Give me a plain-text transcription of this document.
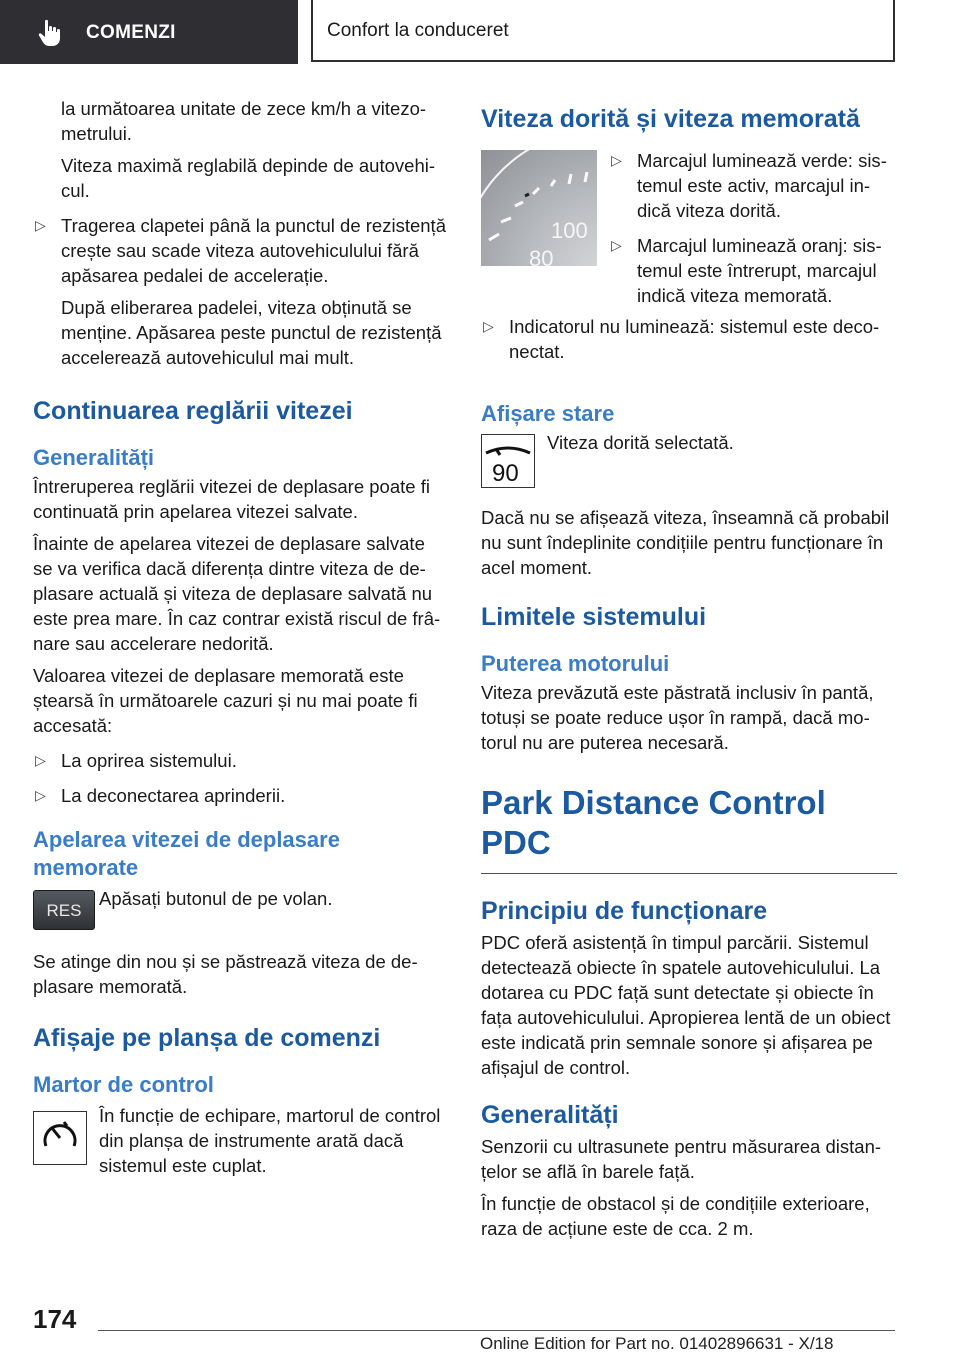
COMENZI	Confort la conduceret

la următoarea unitate de zece km/h a vitezometrului.

Viteza maximă reglabilă depinde de autovehicul.

▷ Tragerea clapetei până la punctul de rezistență crește sau scade viteza autovehiculului fără apăsarea pedalei de accelerație.

După eliberarea padelei, viteza obținută se menține. Apăsarea peste punctul de rezistență accelerează autovehiculul mai mult.

Continuarea reglării vitezei
Generalități

Întreruperea reglării vitezei de deplasare poate fi continuată prin apelarea vitezei salvate.

Înainte de apelarea vitezei de deplasare salvate se va verifica dacă diferența dintre viteza de deplasare actuală și viteza de deplasare salvată nu este prea mare. În caz contrar există riscul de frânare sau accelerare nedorită.

Valoarea vitezei de deplasare memorată este ștearsă în următoarele cazuri și nu mai poate fi accesată:

▷ La oprirea sistemului.

▷ La deconectarea aprinderii.

Apelarea vitezei de deplasare memorate
RES

Apăsați butonul de pe volan.

Se atinge din nou și se păstrează viteza de deplasare memorată.

Afișaje pe planșa de comenzi
Martor de control

În funcție de echipare, martorul de control din planșa de instrumente arată dacă sistemul este cuplat.

Viteza dorită și viteza memorată
100
80
▷ Marcajul luminează verde: sistemul este activ, marcajul indică viteza dorită.

▷ Marcajul luminează oranj: sistemul este întrerupt, marcajul indică viteza memorată.

▷ Indicatorul nu luminează: sistemul este deconectat.

Afișare stare
90

Viteza dorită selectată.

Dacă nu se afișează viteza, înseamnă că probabil nu sunt îndeplinite condițiile pentru funcționare în acel moment.

Limitele sistemului
Puterea motorului

Viteza prevăzută este păstrată inclusiv în pantă, totuși se poate reduce ușor în rampă, dacă motorul nu are puterea necesară.

Park Distance Control PDC
Principiu de funcționare

PDC oferă asistență în timpul parcării. Sistemul detectează obiecte în spatele autovehiculului. La dotarea cu PDC față sunt detectate și obiecte în fața autovehiculului. Apropierea lentă de un obiect este indicată prin semnale sonore și afișarea pe afișajul de control.

Generalități

Senzorii cu ultrasunete pentru măsurarea distanțelor se află în barele față.

În funcție de obstacol și de condițiile exterioare, raza de acțiune este de cca. 2 m.

174
Online Edition for Part no. 01402896631 - X/18
